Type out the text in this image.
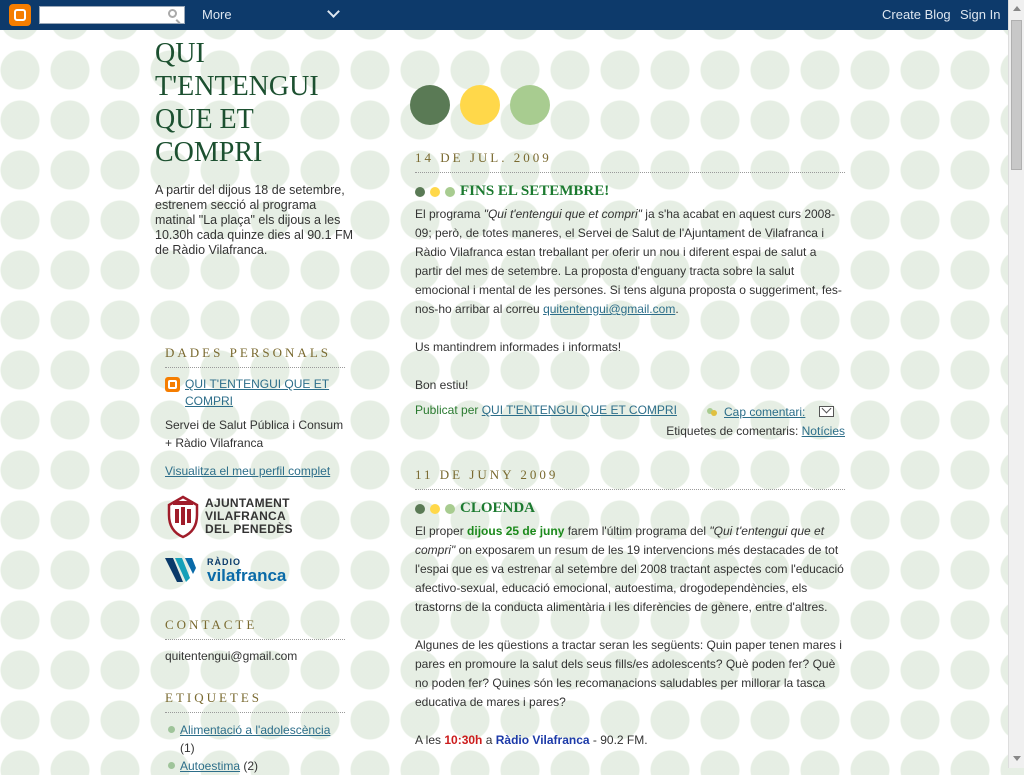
More	Create Blog Sign In
QUI T'ENTENGUI QUE ET COMPRI
A partir del dijous 18 de setembre, estrenem secció al programa matinal "La plaça" els dijous a les 10.30h cada quinze dies al 90.1 FM de Ràdio Vilafranca.
DADES PERSONALS
QUI T'ENTENGUI QUE ET COMPRI
Servei de Salut Pública i Consum + Ràdio Vilafranca
Visualitza el meu perfil complet
AJUNTAMENT
VILAFRANCA
DEL PENEDÈS
RÀDIO
vilafranca
CONTACTE
quitentengui@gmail.com
ETIQUETES
Alimentació a l'adolescència (1)
Autoestima (2)
14 DE JUL. 2009
FINS EL SETEMBRE!

El programa "Qui t'entengui que et compri" ja s'ha acabat en aquest curs 2008-09; però, de totes maneres, el Servei de Salut de l'Ajuntament de Vilafranca i Ràdio Vilafranca estan treballant per oferir un nou i diferent espai de salut a partir del mes de setembre. La proposta d'enguany tracta sobre la salut emocional i mental de les persones. Si tens alguna proposta o suggeriment, fes-nos-ho arribar al correu quitentengui@gmail.com.

Us mantindrem informades i informats!

Bon estiu!

Publicat per QUI T'ENTENGUI QUE ET COMPRI	Cap comentari:
Etiquetes de comentaris: Notícies
11 DE JUNY 2009
CLOENDA

El proper dijous 25 de juny farem l'últim programa del "Qui t'entengui que et compri" on exposarem un resum de les 19 intervencions més destacades de tot l'espai que es va estrenar al setembre del 2008 tractant aspectes com l'educació afectivo-sexual, educació emocional, autoestima, drogodependències, els trastorns de la conducta alimentària i les diferències de gènere, entre d'altres.

Algunes de les qüestions a tractar seran les següents: Quin paper tenen mares i pares en promoure la salut dels seus fills/es adolescents? Què poden fer? Què no poden fer? Quines són les recomanacions saludables per millorar la tasca educativa de mares i pares?

A les 10:30h a Ràdio Vilafranca - 90.2 FM.
